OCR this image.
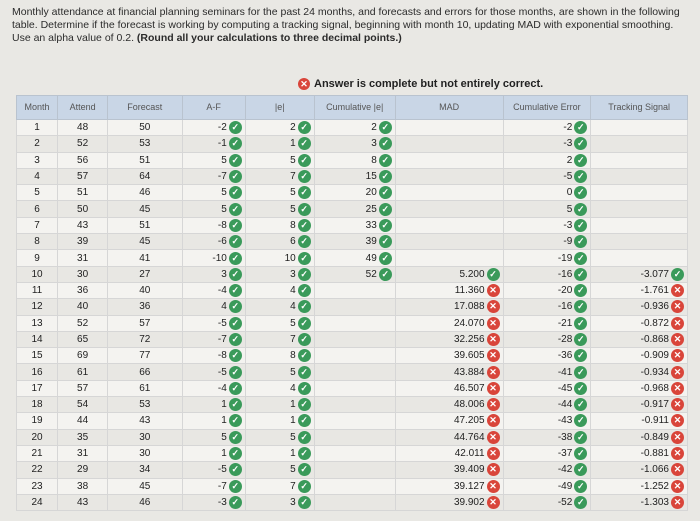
Monthly attendance at financial planning seminars for the past 24 months, and forecasts and errors for those months, are shown in the following table. Determine if the forecast is working by computing a tracking signal, beginning with month 10, updating MAD with exponential smoothing. Use an alpha value of 0.2. (Round all your calculations to three decimal points.)
✕ Answer is complete but not entirely correct.
Month	Attend	Forecast	A-F	|e|	Cumulative |e|	MAD	Cumulative Error	Tracking Signal
1	48	50	-2 ✓	2 ✓	2 ✓		-2 ✓	
2	52	53	-1 ✓	1 ✓	3 ✓		-3 ✓	
3	56	51	5 ✓	5 ✓	8 ✓		2 ✓	
4	57	64	-7 ✓	7 ✓	15 ✓		-5 ✓	
5	51	46	5 ✓	5 ✓	20 ✓		0 ✓	
6	50	45	5 ✓	5 ✓	25 ✓		5 ✓	
7	43	51	-8 ✓	8 ✓	33 ✓		-3 ✓	
8	39	45	-6 ✓	6 ✓	39 ✓		-9 ✓	
9	31	41	-10 ✓	10 ✓	49 ✓		-19 ✓	
10	30	27	3 ✓	3 ✓	52 ✓	5.200 ✓	-16 ✓	-3.077 ✓
11	36	40	-4 ✓	4 ✓		11.360 ✕	-20 ✓	-1.761 ✕
12	40	36	4 ✓	4 ✓		17.088 ✕	-16 ✓	-0.936 ✕
13	52	57	-5 ✓	5 ✓		24.070 ✕	-21 ✓	-0.872 ✕
14	65	72	-7 ✓	7 ✓		32.256 ✕	-28 ✓	-0.868 ✕
15	69	77	-8 ✓	8 ✓		39.605 ✕	-36 ✓	-0.909 ✕
16	61	66	-5 ✓	5 ✓		43.884 ✕	-41 ✓	-0.934 ✕
17	57	61	-4 ✓	4 ✓		46.507 ✕	-45 ✓	-0.968 ✕
18	54	53	1 ✓	1 ✓		48.006 ✕	-44 ✓	-0.917 ✕
19	44	43	1 ✓	1 ✓		47.205 ✕	-43 ✓	-0.911 ✕
20	35	30	5 ✓	5 ✓		44.764 ✕	-38 ✓	-0.849 ✕
21	31	30	1 ✓	1 ✓		42.011 ✕	-37 ✓	-0.881 ✕
22	29	34	-5 ✓	5 ✓		39.409 ✕	-42 ✓	-1.066 ✕
23	38	45	-7 ✓	7 ✓		39.127 ✕	-49 ✓	-1.252 ✕
24	43	46	-3 ✓	3 ✓		39.902 ✕	-52 ✓	-1.303 ✕
